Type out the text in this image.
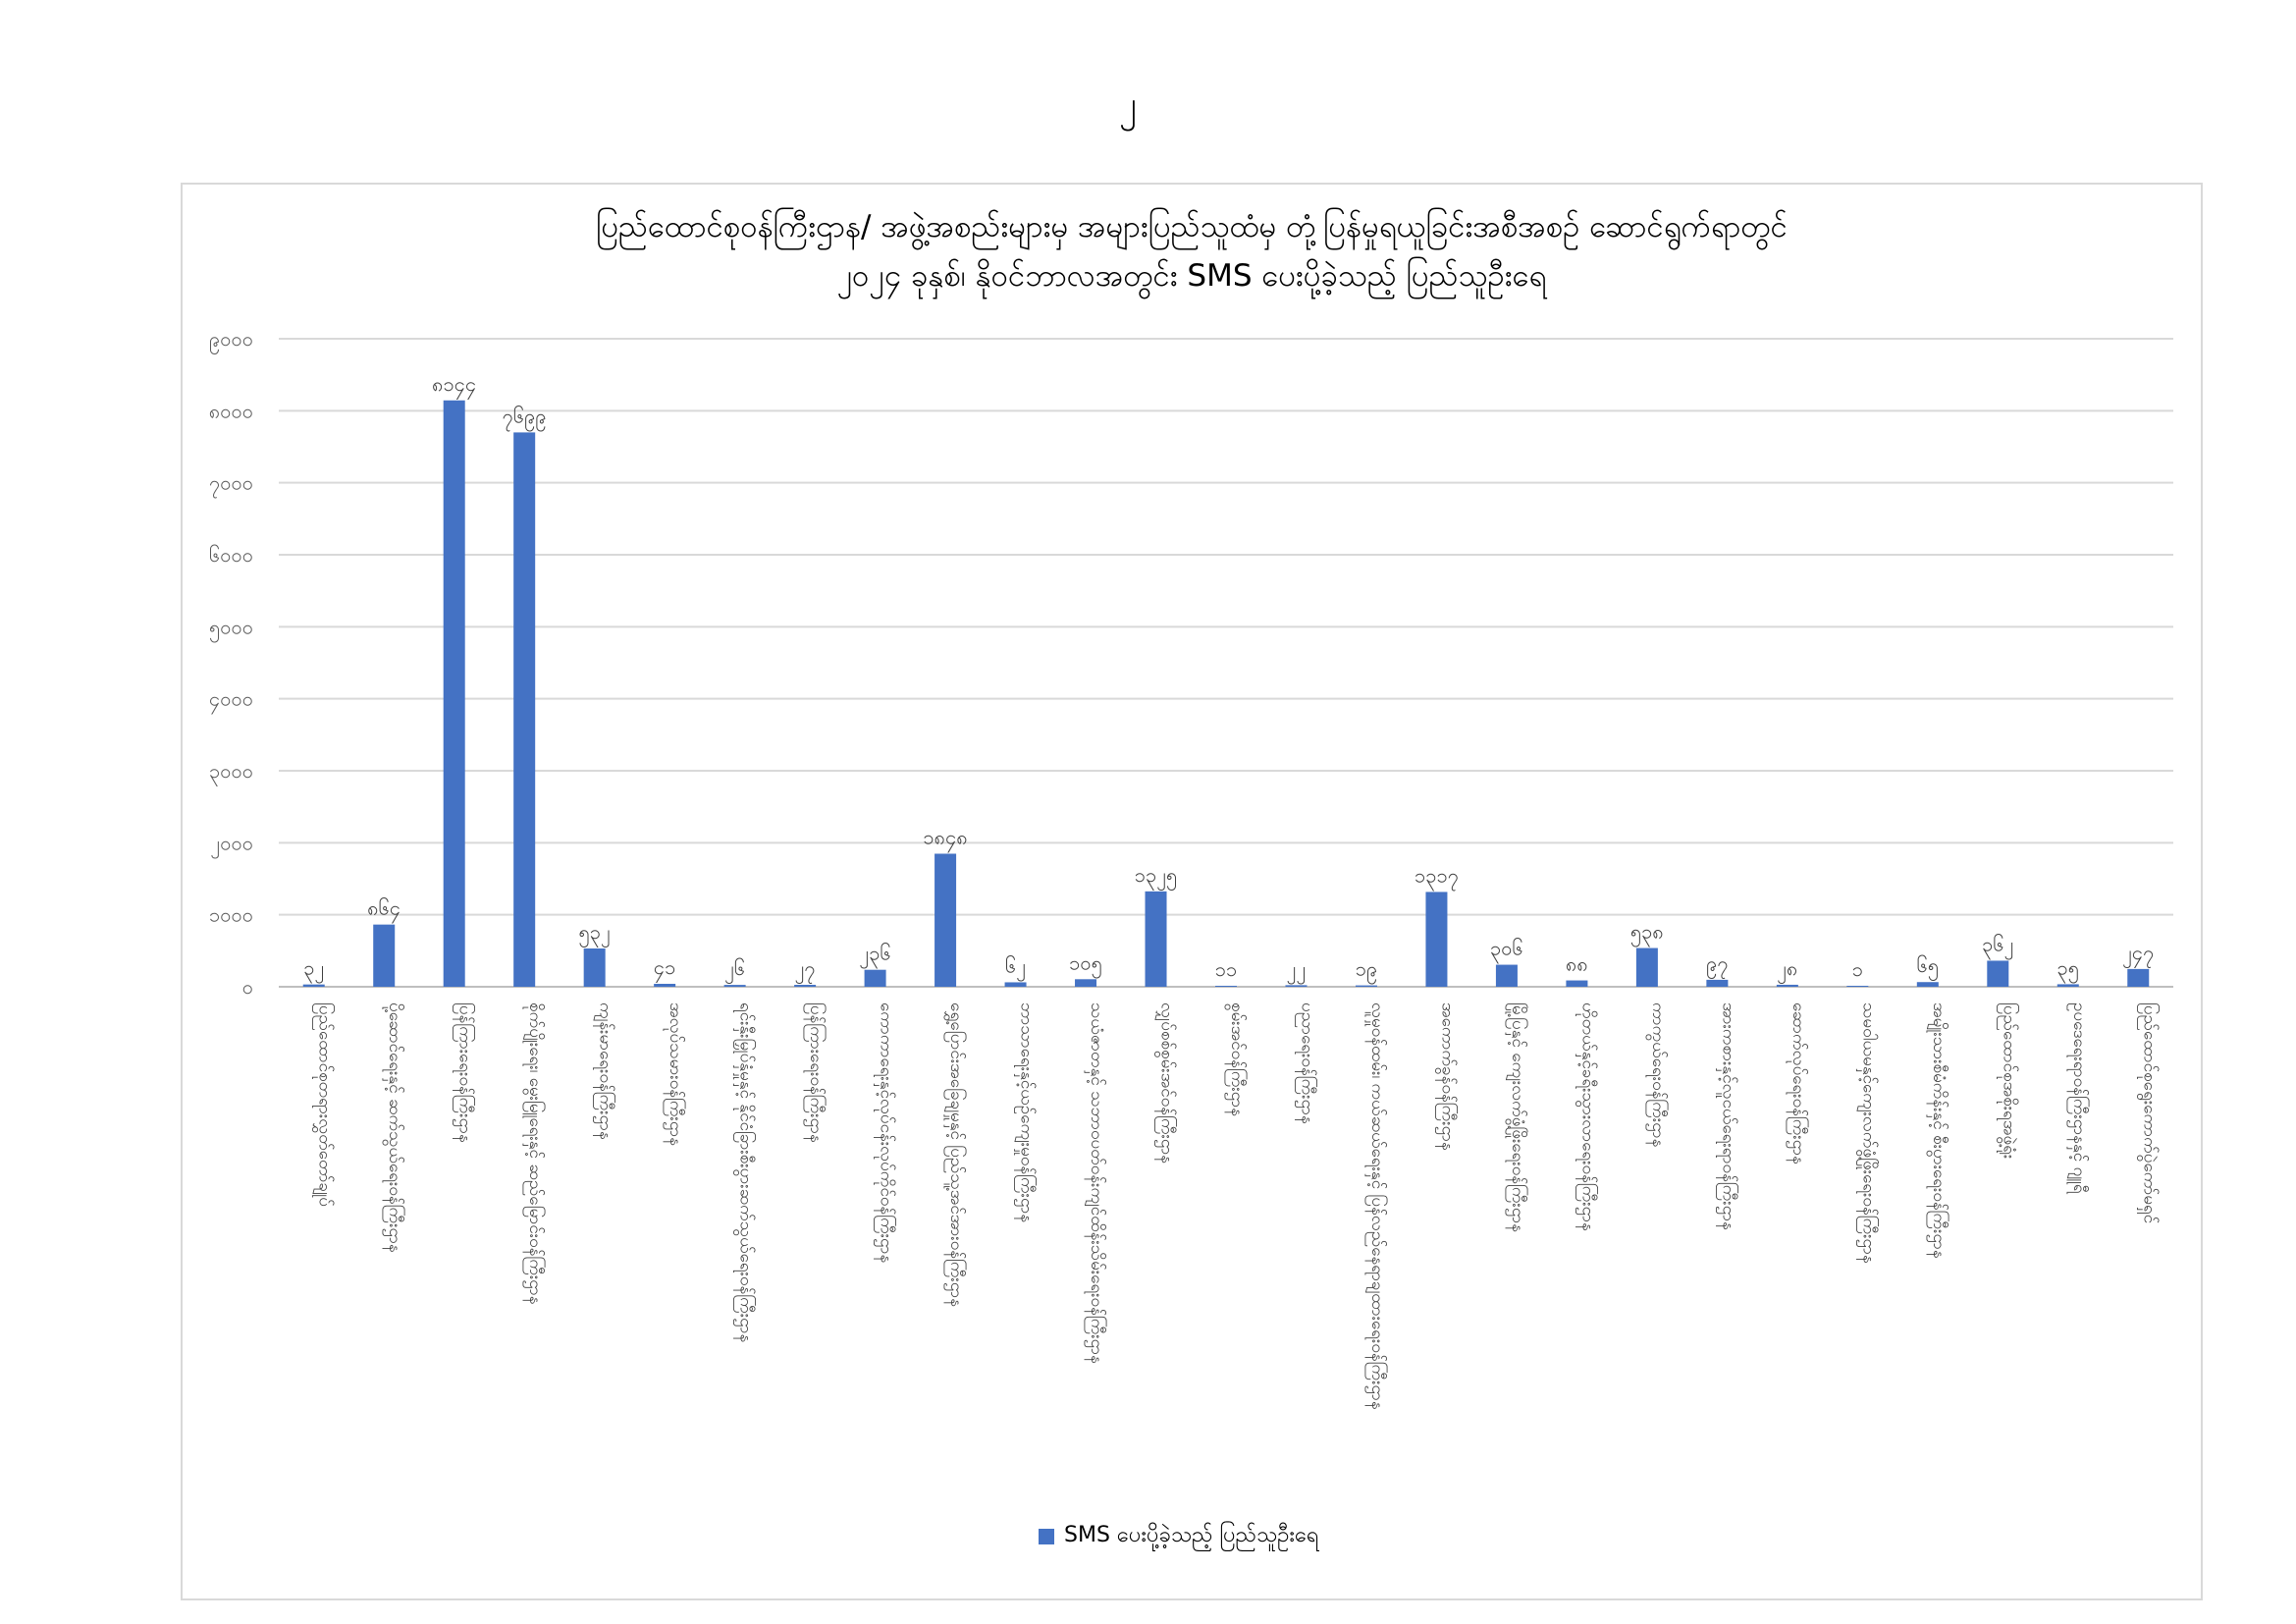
၂
ပြည်ထောင်စုဝန်ကြီးဌာန/ အဖွဲ့အစည်းများမှ အများပြည်သူထံမှ တုံ့ပြန်မှုရယူခြင်းအစီအစဉ် ဆောင်ရွက်ရာတွင်
၂၀၂၄ ခုနှစ်၊ နိုဝင်ဘာလအတွင်း SMS ပေးပို့ခဲ့သည့် ပြည်သူဦးရေ
၀
၁၀၀၀
၂၀၀၀
၃၀၀၀
၄၀၀၀
၅၀၀၀
၆၀၀၀
၇၀၀၀
၈၀၀၀
၉၀၀၀
၃၂
ပြည်ထောင်စုတရားလွှတ်တော်ချုပ်
၈၆၄
ပို့ဆောင်ရေးနှင့် ဆက်သွယ်ရေးဝန်ကြီးဌာန
၈၁၄၄
ပြန်ကြားရေးဝန်ကြီးဌာန
၇၆၉၉
စိုက်ပျိုးရေး၊ မွေးမြူရေးနှင့် ဆည်မြောင်းဝန်ကြီးဌာန
၅၃၂
ကျန်းမာရေးဝန်ကြီးဌာန
၄၁
အလုပ်သမားဝန်ကြီးဌာန
၂၆
ရင်းနှီးမြှုပ်နှံမှုနှင့် နိုင်ငံခြားစီးပွားဆက်သွယ်ရေးဝန်ကြီးဌာန
၂၇
ပြန်ကြားရေးဝန်ကြီးဌာန
၂၃၆
ကောကာရေးနှင့်လုပ်ငန်းလုပ်ကိုင်ဝန်ကြီးဌာန
၁၈၄၈
ရွှေ့ပြောင်းအခြေချမှုနှင့် ပြည်သူ့အင်အားဝန်ကြီးဌာန
၆၂
ဘာသာရေးနှင့်ယဉ်ကျေးမှုဝန်ကြီးဌာန
၁၀၅
သယံဇာတနှင့် သဘာဝပတ်ဝန်းကျင်ထိန်းသိမ်းရေးဝန်ကြီးဌာန
၁၃၂၅
လျှပ်စစ်စွမ်းအင်ဝန်ကြီးဌာန
၁၁
စွမ်းအင်ဝန်ကြီးဌာန
၂၂
ပညာရေးဝန်ကြီးဌာန
၁၉
လူမှုဝန်ထမ်း၊ ကယ်ဆယ်ရေးနှင့် ပြန်လည်နေရာချထားရေးဝန်ကြီးဌာန
၁၃၁၇
အကောက်ခွန်ဝန်ကြီးဌာန
၃၀၆
မြို့ပြနှင့် ကျေးလက်ဖွံ့ဖြိုးရေးဝန်ကြီးဌာန
၈၈
ဟိုတယ်နှင့်ခရီးသွားလာရေးဝန်ကြီးဌာန
၅၃၈
ကာကွယ်ရေးဝန်ကြီးဌာန
၉၇
အားကစားနှင့်လူငယ်ရေးရာဝန်ကြီးဌာန
၂၈
ဆောက်လုပ်ရေးဝန်ကြီးဌာန
၁
သမဝါယမနှင့်ကျေးလက်ဖွံ့ဖြိုးရေးဝန်ကြီးဌာန
၆၅
အမျိုးသားစီမံကိန်းနှင့် စီးပွားရေးဝန်ကြီးဌာန
၃၆၂
ပြည်ထောင်စုအစိုးရအဖွဲ့ရုံး
၃၅
ဥပဒေရေးရာဝန်ကြီးဌာနနှင့် ဂျူရီ
၂၄၇
ပြည်ထောင်စုရွေးကောက်ပွဲကော်မရှင်
SMS ပေးပို့ခဲ့သည့် ပြည်သူဦးရေ
